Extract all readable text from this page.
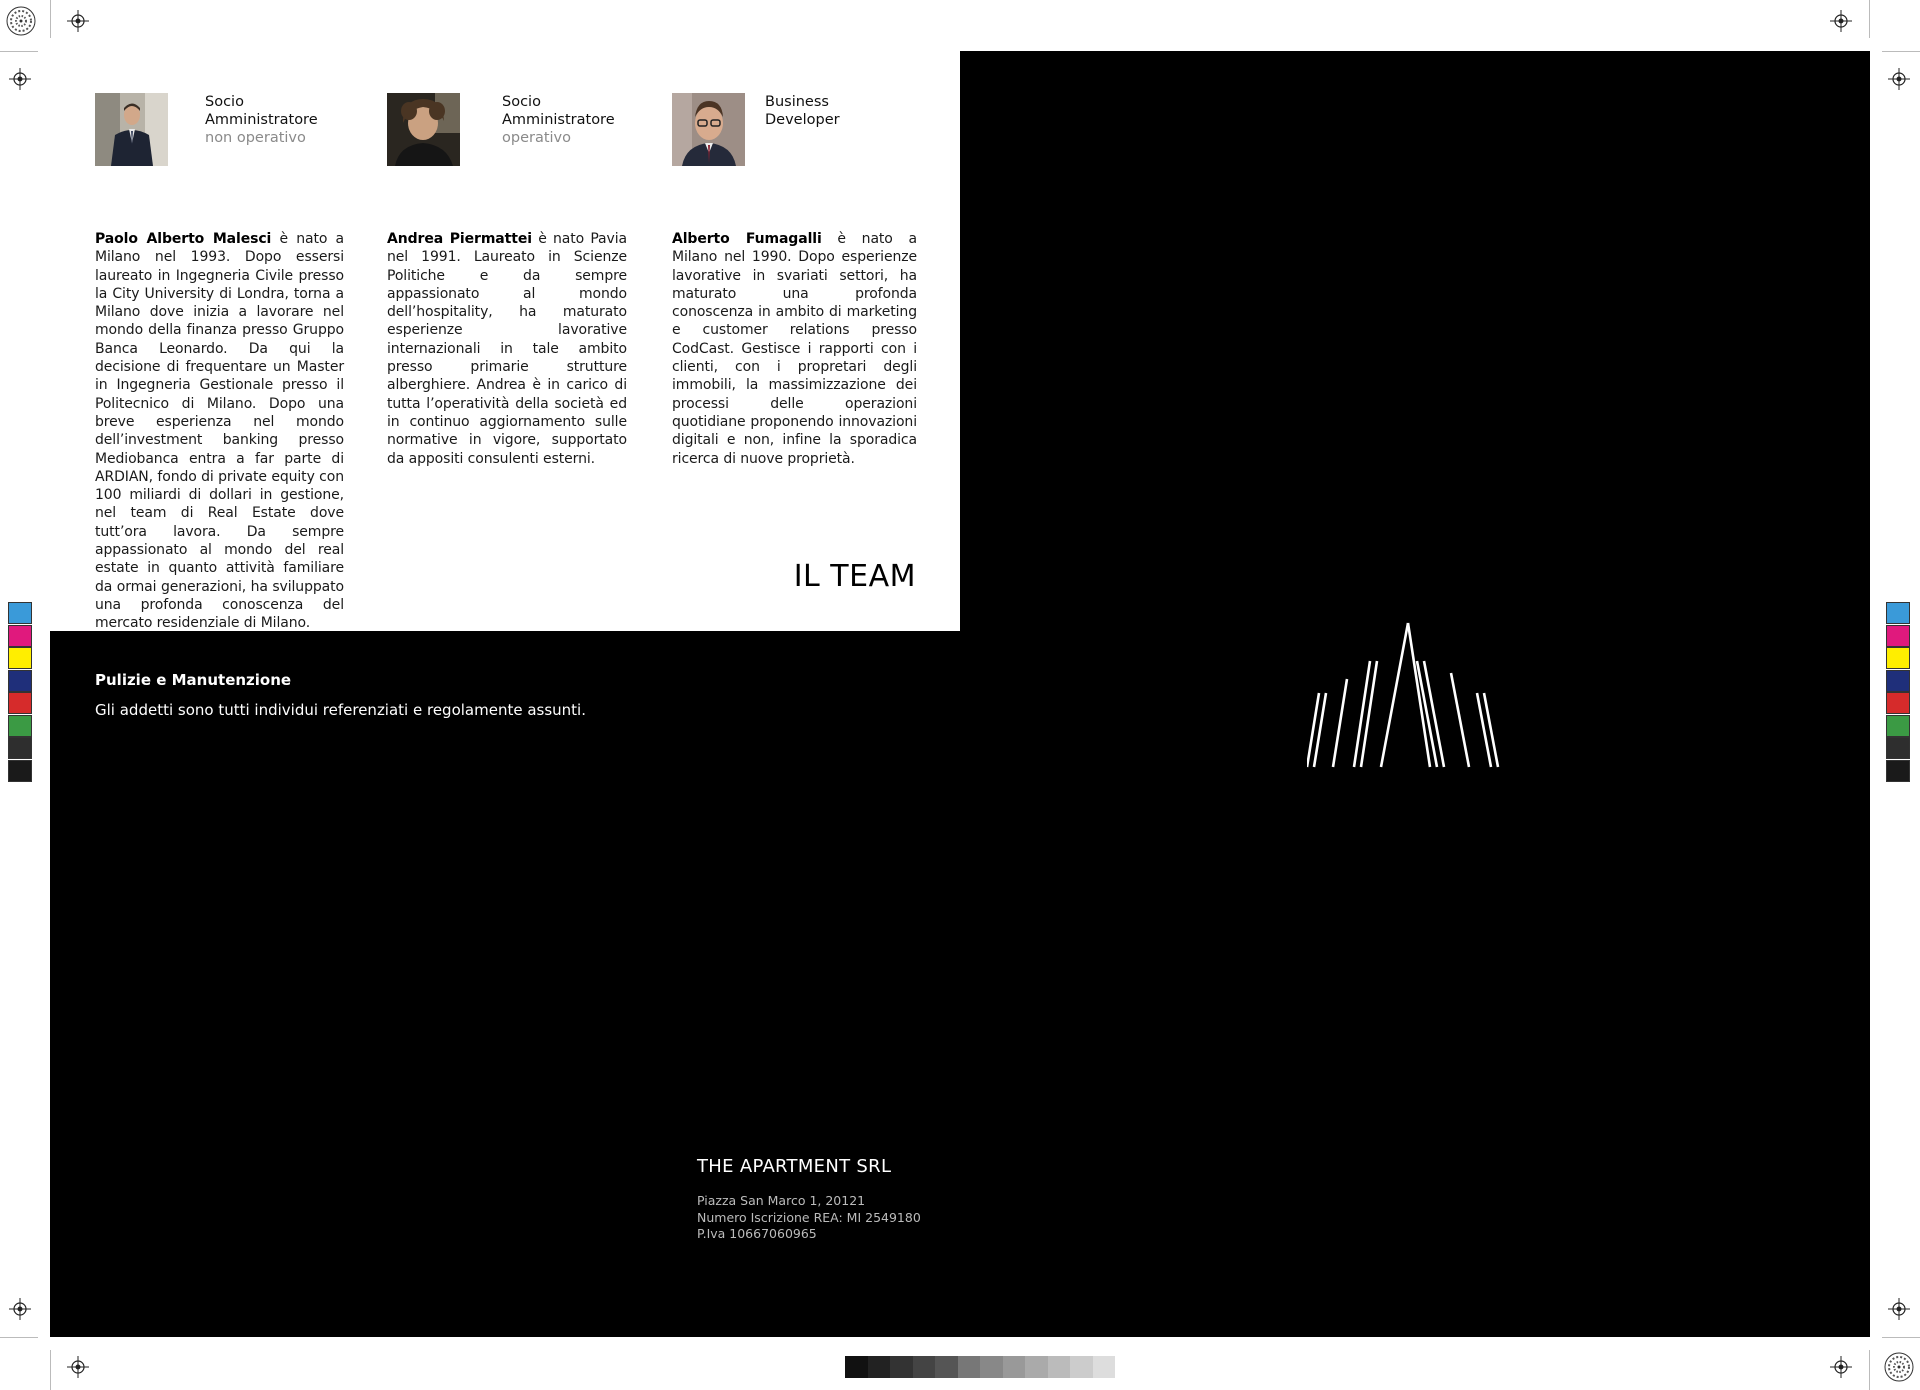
Socio
Amministratore
non operativo

Paolo Alberto Malesci è nato a Milano nel 1993. Dopo essersi laureato in Ingegneria Civile presso la City University di Londra, torna a Milano dove inizia a lavorare nel mondo della finanza presso Gruppo Banca Leonardo. Da qui la decisione di frequentare un Master in Ingegneria Gestionale presso il Politecnico di Milano. Dopo una breve esperienza nel mondo dell’investment banking presso Mediobanca entra a far parte di ARDIAN, fondo di private equity con 100 miliardi di dollari in gestione, nel team di Real Estate dove tutt’ora lavora. Da sempre appassionato al mondo del real estate in quanto attività familiare da ormai generazioni, ha sviluppato una profonda conoscenza del mercato residenziale di Milano.

Socio
Amministratore
operativo

Andrea Piermattei è nato Pavia nel 1991. Laureato in Scienze Politiche e da sempre appassionato al mondo dell’hospitality, ha maturato esperienze lavorative internazionali in tale ambito presso primarie strutture alberghiere. Andrea è in carico di tutta l’operatività della società ed in continuo aggiornamento sulle normative in vigore, supportato da appositi consulenti esterni.

Business
Developer

Alberto Fumagalli è nato a Milano nel 1990. Dopo esperienze lavorative in svariati settori, ha maturato una profonda conoscenza in ambito di marketing e customer relations presso CodCast. Gestisce i rapporti con i clienti, con i propretari degli immobili, la massimizzazione dei processi delle operazioni quotidiane proponendo innovazioni digitali e non, infine la sporadica ricerca di nuove proprietà.

IL TEAM
Pulizie e Manutenzione
Gli addetti sono tutti individui referenziati e regolamente assunti.
THE APARTMENT SRL
Piazza San Marco 1, 20121
Numero Iscrizione REA: MI 2549180
P.Iva 10667060965
